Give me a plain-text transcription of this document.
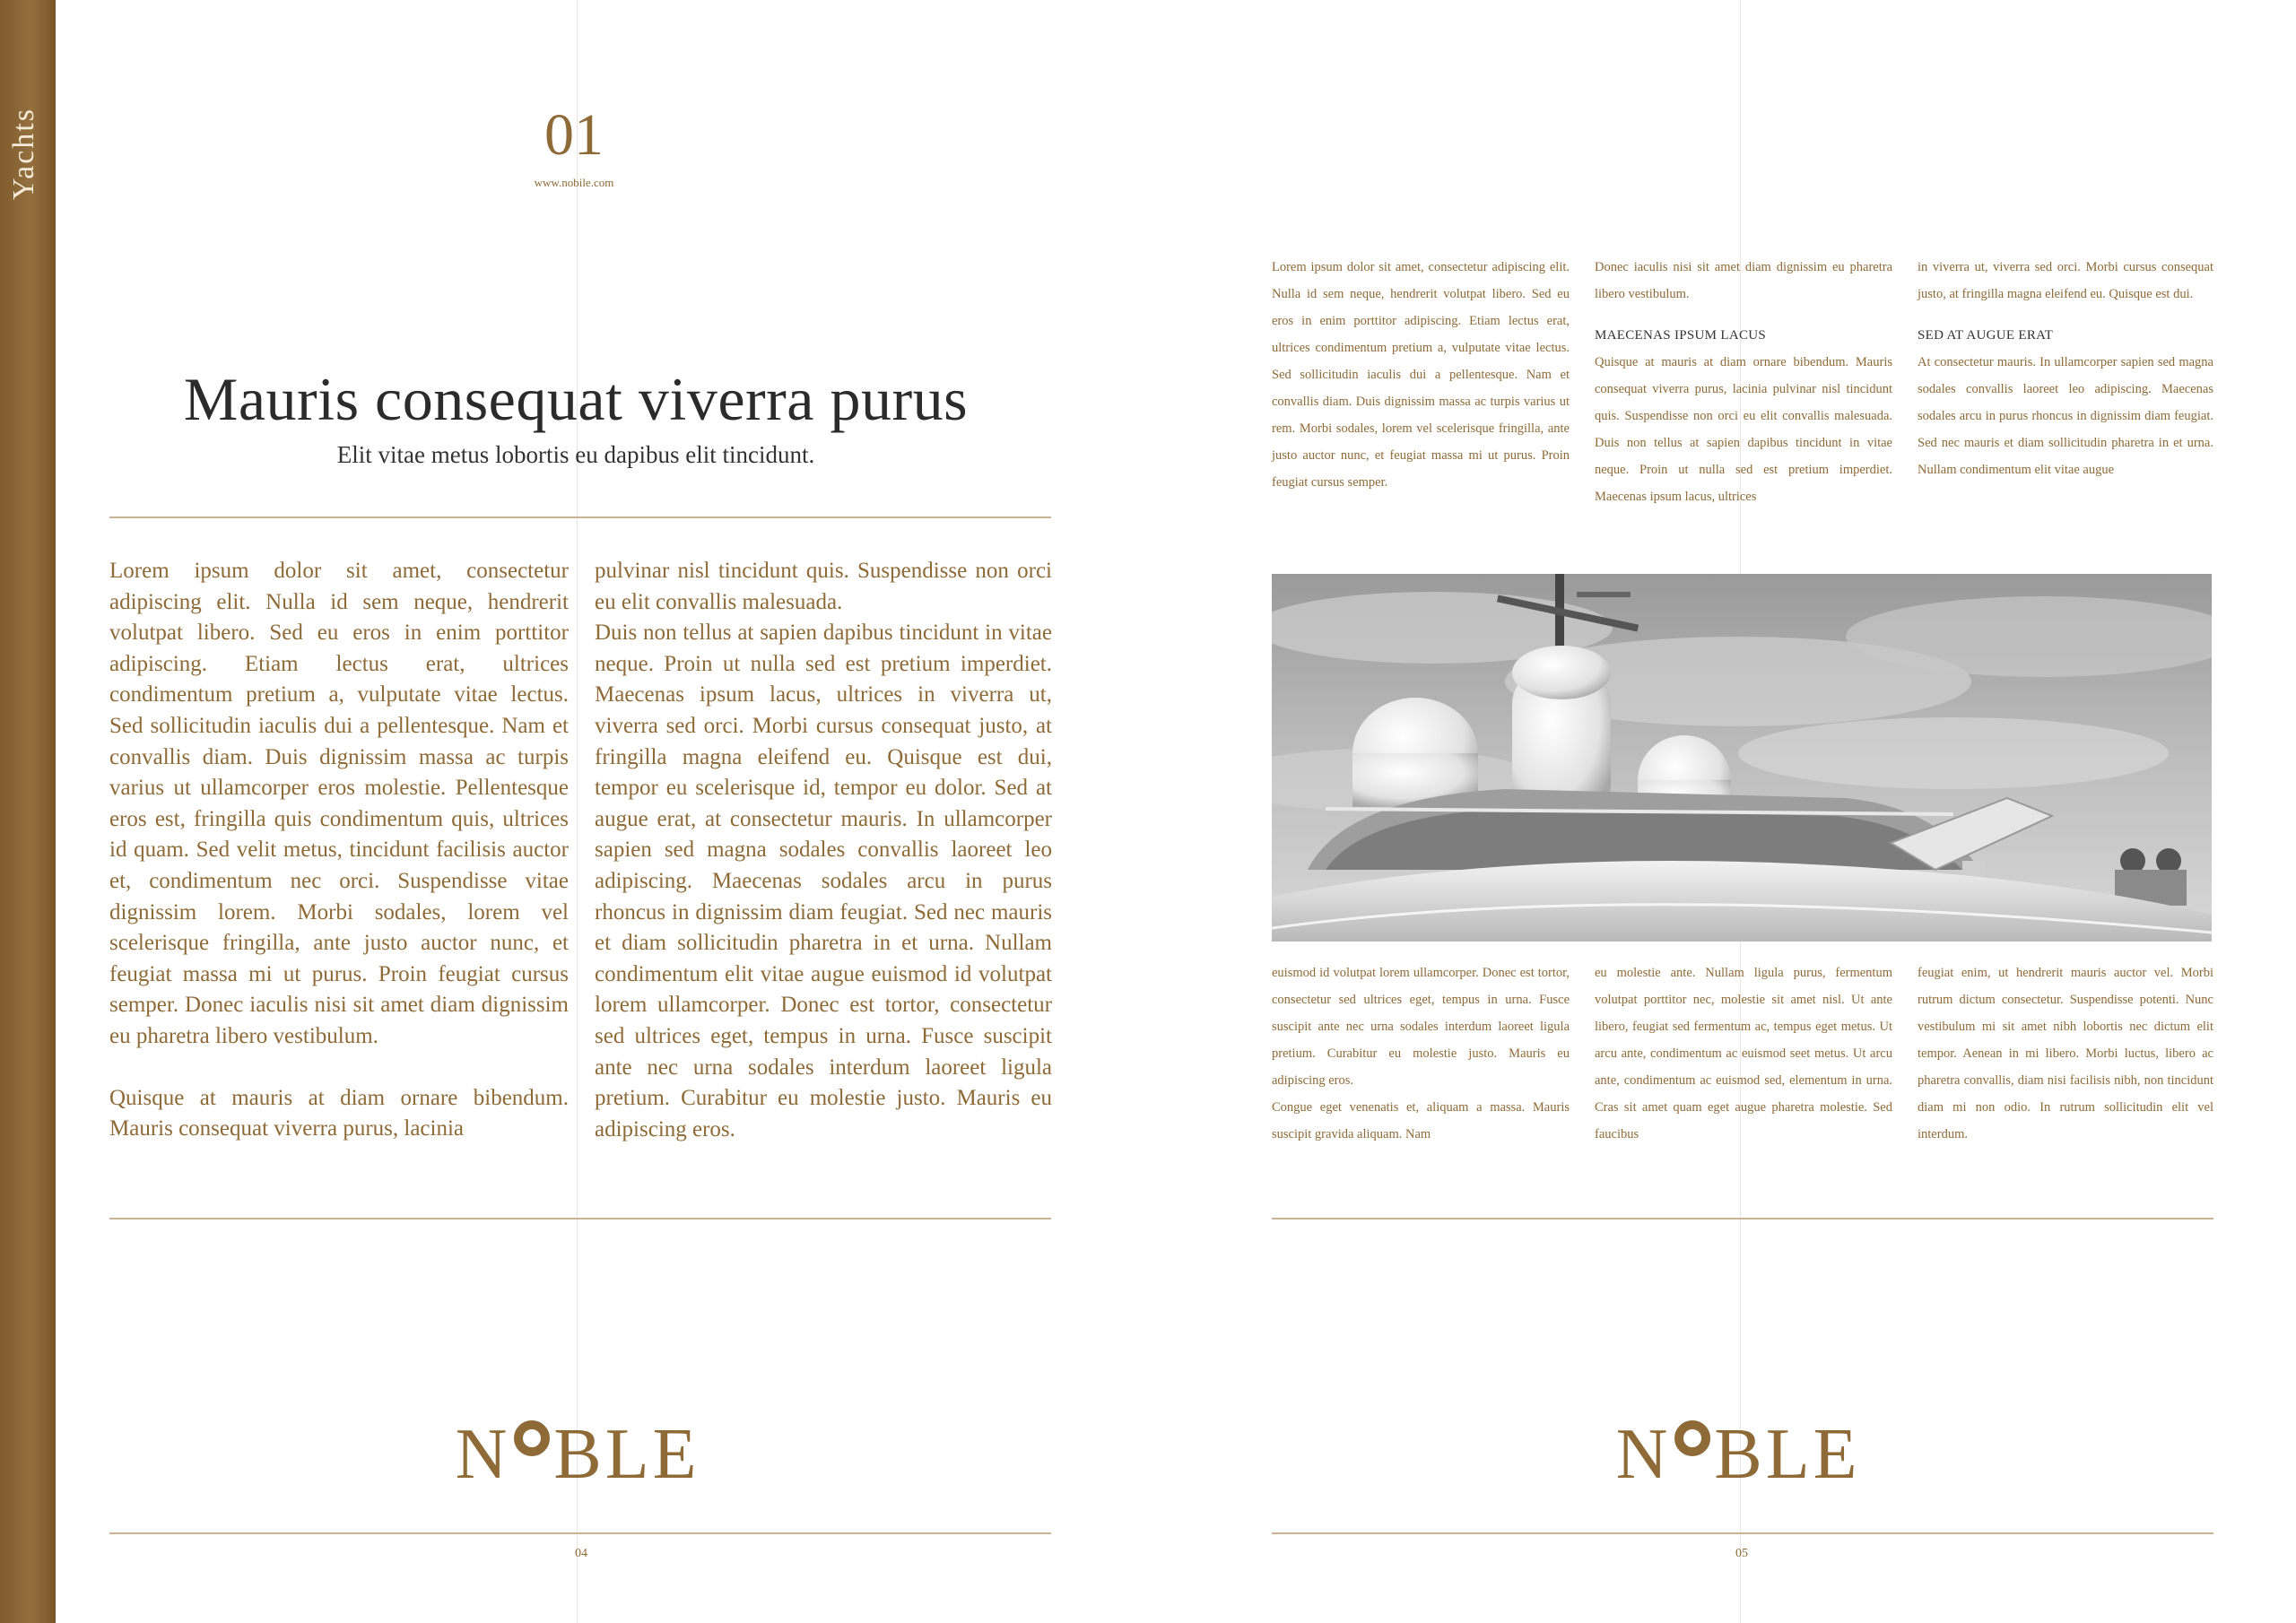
Yachts	01
www.nobile.com
Mauris consequat viverra purus
Elit vitae metus lobortis eu dapibus elit tincidunt.

Lorem ipsum dolor sit amet, consectetur adipiscing elit. Nulla id sem neque, hendrerit volutpat libero. Sed eu eros in enim porttitor adipiscing. Etiam lectus erat, ultrices condimentum pretium a, vulputate vitae lectus. Sed sollicitudin iaculis dui a pellentesque. Nam et convallis diam. Duis dignissim massa ac turpis varius ut ullamcorper eros molestie. Pellentesque eros est, fringilla quis condimentum quis, ultrices id quam. Sed velit metus, tincidunt facilisis auctor et, condimentum nec orci. Suspendisse vitae dignissim lorem. Morbi sodales, lorem vel scelerisque fringilla, ante justo auctor nunc, et feugiat massa mi ut purus. Proin feugiat cursus semper. Donec iaculis nisi sit amet diam dignissim eu pharetra libero vestibulum.

Quisque at mauris at diam ornare bibendum. Mauris consequat viverra purus, lacinia

pulvinar nisl tincidunt quis. Suspendisse non orci eu elit convallis malesuada.

Duis non tellus at sapien dapibus tincidunt in vitae neque. Proin ut nulla sed est pretium imperdiet. Maecenas ipsum lacus, ultrices in viverra ut, viverra sed orci. Morbi cursus consequat justo, at fringilla magna eleifend eu. Quisque est dui, tempor eu scelerisque id, tempor eu dolor. Sed at augue erat, at consectetur mauris. In ullamcorper sapien sed magna sodales convallis laoreet leo adipiscing. Maecenas sodales arcu in purus rhoncus in dignissim diam feugiat. Sed nec mauris et diam sollicitudin pharetra in et urna. Nullam condimentum elit vitae augue euismod id volutpat lorem ullamcorper. Donec est tortor, consectetur sed ultrices eget, tempus in urna. Fusce suscipit ante nec urna sodales interdum laoreet ligula pretium. Curabitur eu molestie justo. Mauris eu adipiscing eros.

N BLE
04

Lorem ipsum dolor sit amet, consectetur adipiscing elit. Nulla id sem neque, hendrerit volutpat libero. Sed eu eros in enim porttitor adipiscing. Etiam lectus erat, ultrices condimentum pretium a, vulputate vitae lectus. Sed sollicitudin iaculis dui a pellentesque. Nam et convallis diam. Duis dignissim massa ac turpis varius ut rem. Morbi sodales, lorem vel scelerisque fringilla, ante justo auctor nunc, et feugiat massa mi ut purus. Proin feugiat cursus semper.

Donec iaculis nisi sit amet diam dignissim eu pharetra libero vestibulum.

MAECENAS IPSUM LACUS

Quisque at mauris at diam ornare bibendum. Mauris consequat viverra purus, lacinia pulvinar nisl tincidunt quis. Suspendisse non orci eu elit convallis malesuada. Duis non tellus at sapien dapibus tincidunt in vitae neque. Proin ut nulla sed est pretium imperdiet. Maecenas ipsum lacus, ultrices

in viverra ut, viverra sed orci. Morbi cursus consequat justo, at fringilla magna eleifend eu. Quisque est dui.

SED AT AUGUE ERAT

At consectetur mauris. In ullamcorper sapien sed magna sodales convallis laoreet leo adipiscing. Maecenas sodales arcu in purus rhoncus in dignissim diam feugiat. Sed nec mauris et diam sollicitudin pharetra in et urna. Nullam condimentum elit vitae augue

euismod id volutpat lorem ullamcorper. Donec est tortor, consectetur sed ultrices eget, tempus in urna. Fusce suscipit ante nec urna sodales interdum laoreet ligula pretium. Curabitur eu molestie justo. Mauris eu adipiscing eros.

Congue eget venenatis et, aliquam a massa. Mauris suscipit gravida aliquam. Nam

eu molestie ante. Nullam ligula purus, fermentum volutpat porttitor nec, molestie sit amet nisl. Ut ante libero, feugiat sed fermentum ac, tempus eget metus. Ut arcu ante, condimentum ac euismod seet metus. Ut arcu ante, condimentum ac euismod sed, elementum in urna. Cras sit amet quam eget augue pharetra molestie. Sed faucibus

feugiat enim, ut hendrerit mauris auctor vel. Morbi rutrum dictum consectetur. Suspendisse potenti. Nunc vestibulum mi sit amet nibh lobortis nec dictum elit tempor. Aenean in mi libero. Morbi luctus, libero ac pharetra convallis, diam nisi facilisis nibh, non tincidunt diam mi non odio. In rutrum sollicitudin elit vel interdum.

N BLE
05
